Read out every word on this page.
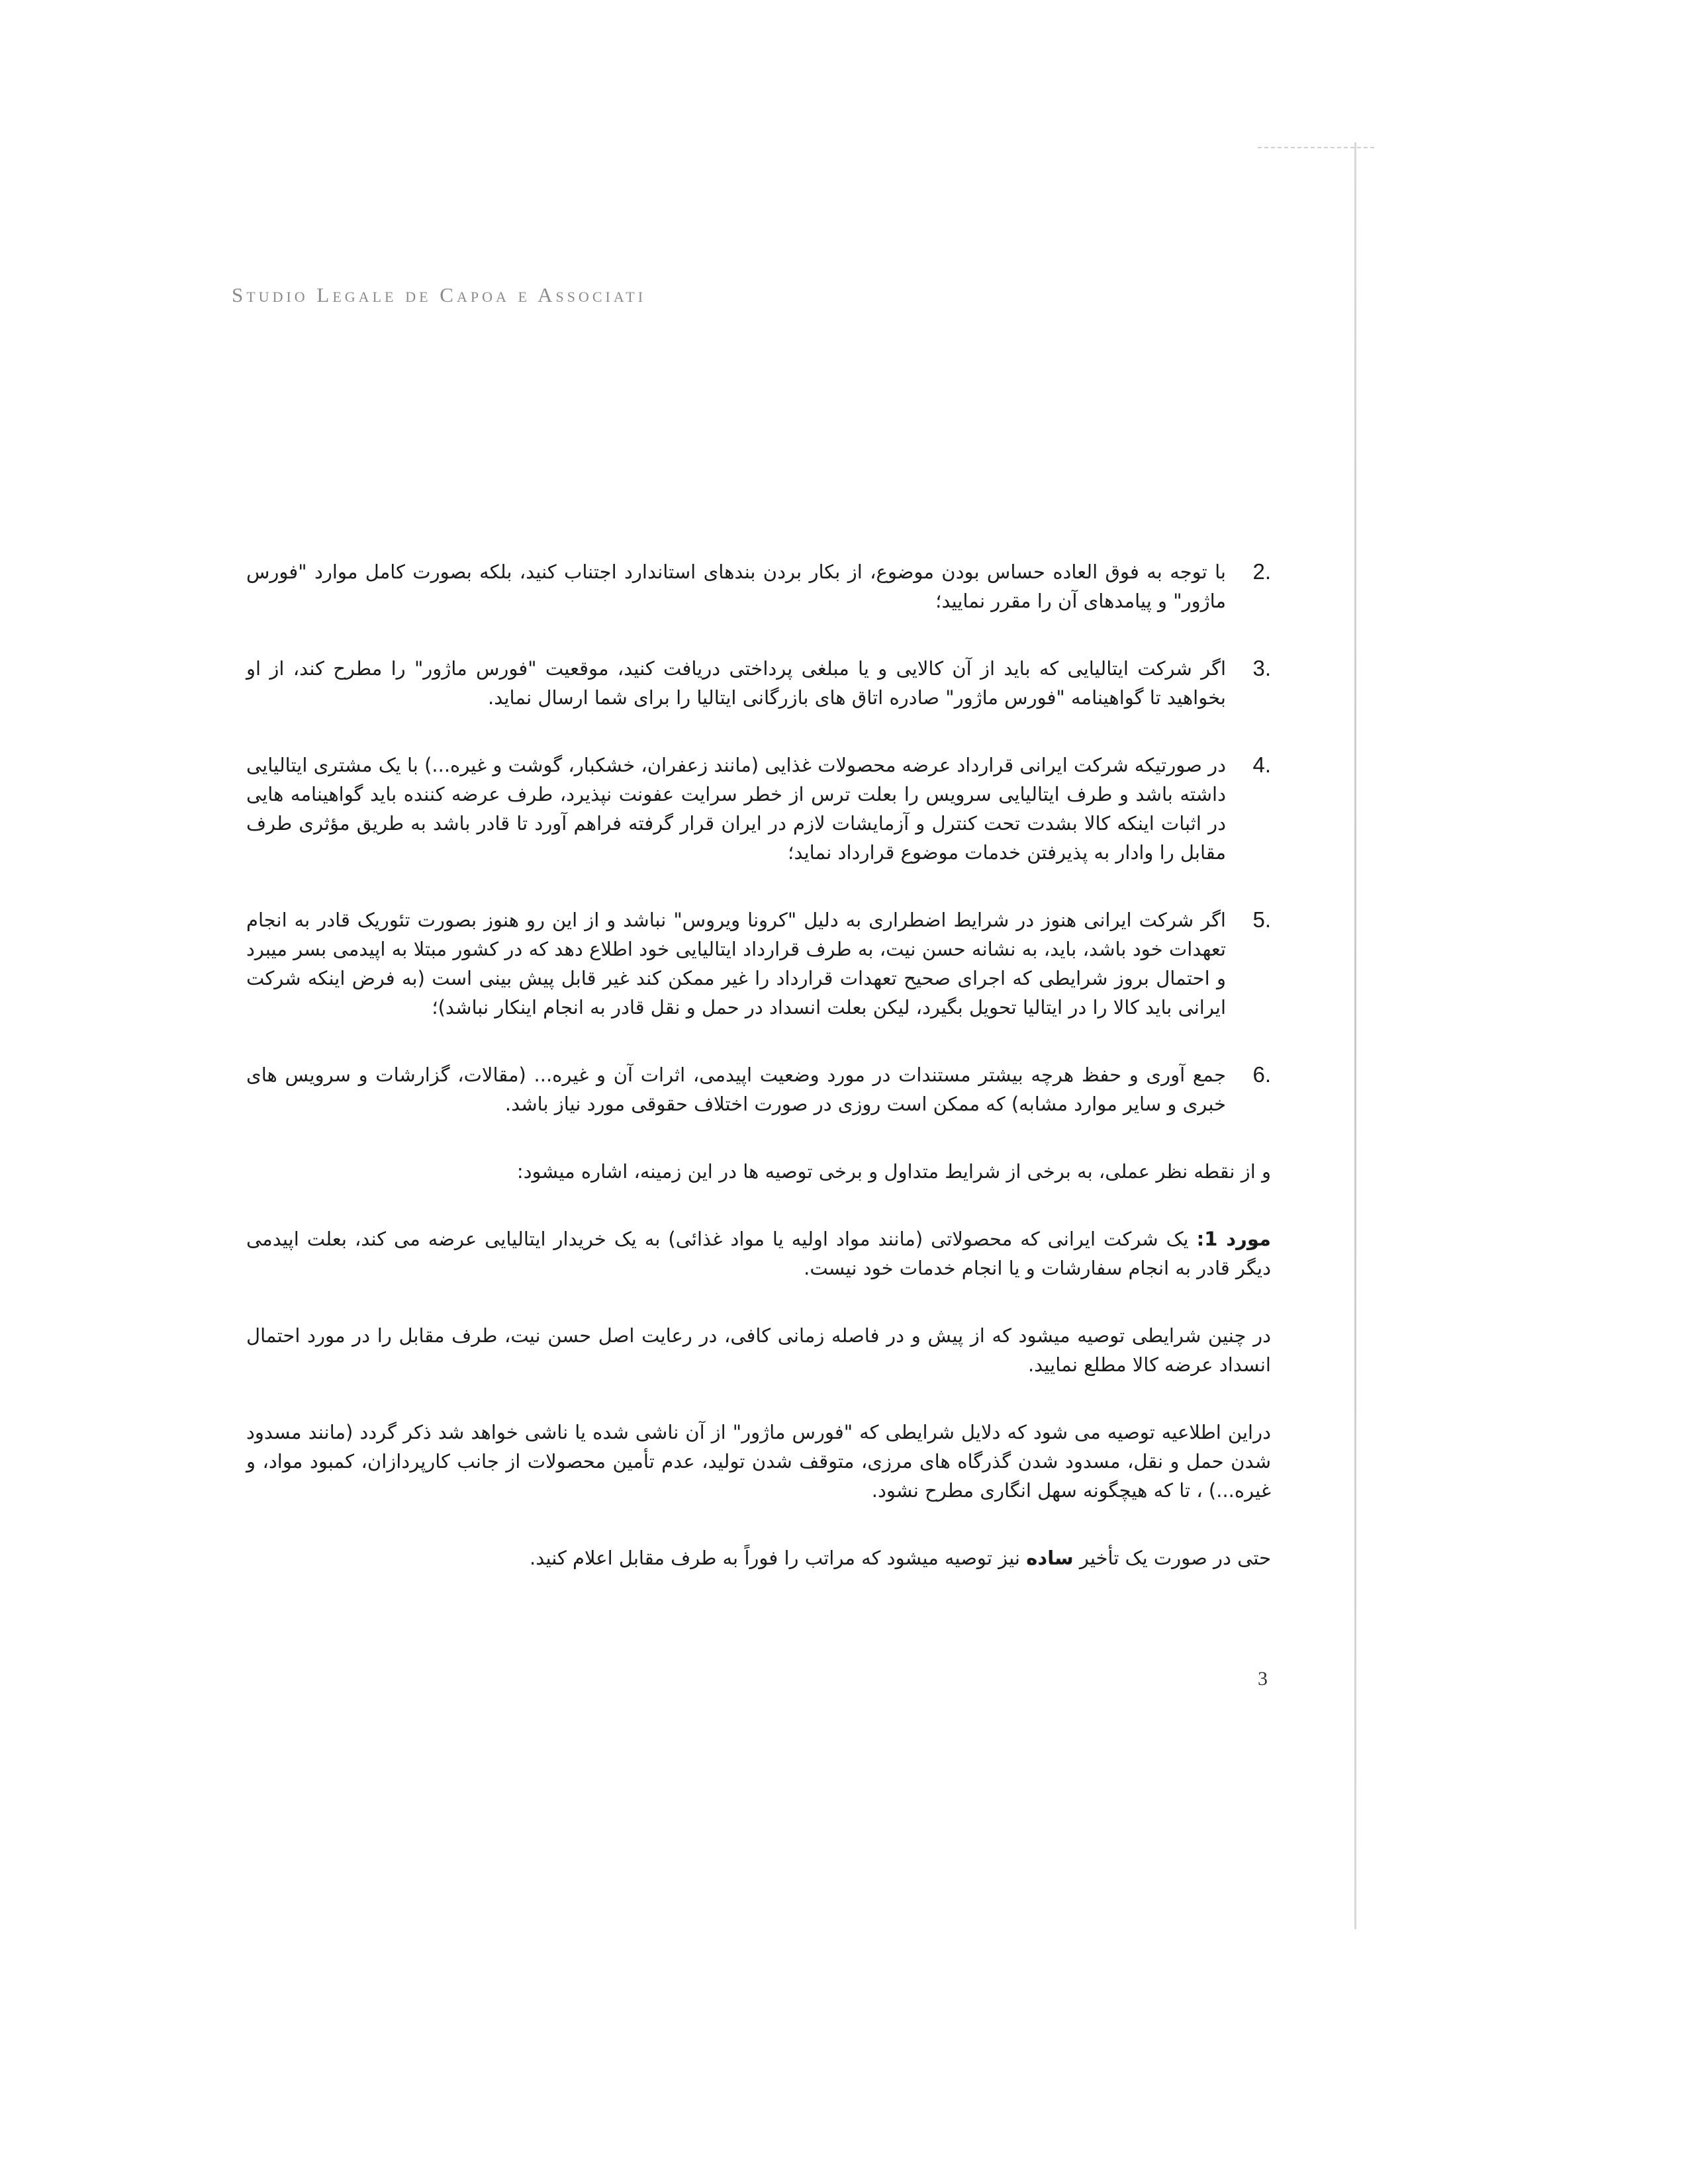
Studio Legale de Capoa e Associati
2.
با توجه به فوق العاده حساس بودن موضوع، از بکار بردن بندهای استاندارد اجتناب کنید، بلکه بصورت کامل موارد "فورس ماژور" و پیامدهای آن را مقرر نمایید؛
3.
اگر شرکت ایتالیایی که باید از آن کالایی و یا مبلغی پرداختی دریافت کنید، موقعیت "فورس ماژور" را مطرح کند، از او بخواهید تا گواهینامه "فورس ماژور" صادره اتاق های بازرگانی ایتالیا را برای شما ارسال نماید.
4.
در صورتیکه شرکت ایرانی قرارداد عرضه محصولات غذایی (مانند زعفران، خشکبار، گوشت و غیره...) با یک مشتری ایتالیایی داشته باشد و طرف ایتالیایی سرویس را بعلت ترس از خطر سرایت عفونت نپذیرد، طرف عرضه کننده باید گواهینامه هایی در اثبات اینکه کالا بشدت تحت کنترل و آزمایشات لازم در ایران قرار گرفته فراهم آورد تا قادر باشد به طریق مؤثری طرف مقابل را وادار به پذیرفتن خدمات موضوع قرارداد نماید؛
5.
اگر شرکت ایرانی هنوز در شرایط اضطراری به دلیل "کرونا ویروس" نباشد و از این رو هنوز بصورت تئوریک قادر به انجام تعهدات خود باشد، باید، به نشانه حسن نیت، به طرف قرارداد ایتالیایی خود اطلاع دهد که در کشور مبتلا به اپیدمی بسر میبرد و احتمال بروز شرایطی که اجرای صحیح تعهدات قرارداد را غیر ممکن کند غیر قابل پیش بینی است (به فرض اینکه شرکت ایرانی باید کالا را در ایتالیا تحویل بگیرد، لیکن بعلت انسداد در حمل و نقل قادر به انجام اینکار نباشد)؛
6.
جمع آوری و حفظ هرچه بیشتر مستندات در مورد وضعیت اپیدمی، اثرات آن و غیره... (مقالات، گزارشات و سرویس های خبری و سایر موارد مشابه) که ممکن است روزی در صورت اختلاف حقوقی مورد نیاز باشد.

و از نقطه نظر عملی، به برخی از شرایط متداول و برخی توصیه ها در این زمینه، اشاره میشود:

مورد 1: یک شرکت ایرانی که محصولاتی (مانند مواد اولیه یا مواد غذائی) به یک خریدار ایتالیایی عرضه می کند، بعلت اپیدمی دیگر قادر به انجام سفارشات و یا انجام خدمات خود نیست.

در چنین شرایطی توصیه میشود که از پیش و در فاصله زمانی کافی، در رعایت اصل حسن نیت، طرف مقابل را در مورد احتمال انسداد عرضه کالا مطلع نمایید.

دراین اطلاعیه توصیه می شود که دلایل شرایطی که "فورس ماژور" از آن ناشی شده یا ناشی خواهد شد ذکر گردد (مانند مسدود شدن حمل و نقل، مسدود شدن گذرگاه های مرزی، متوقف شدن تولید، عدم تأمین محصولات از جانب کارپردازان، کمبود مواد، و غیره...) ، تا که هیچگونه سهل انگاری مطرح نشود.

حتی در صورت یک تأخیر ساده نیز توصیه میشود که مراتب را فوراً به طرف مقابل اعلام کنید.

3
